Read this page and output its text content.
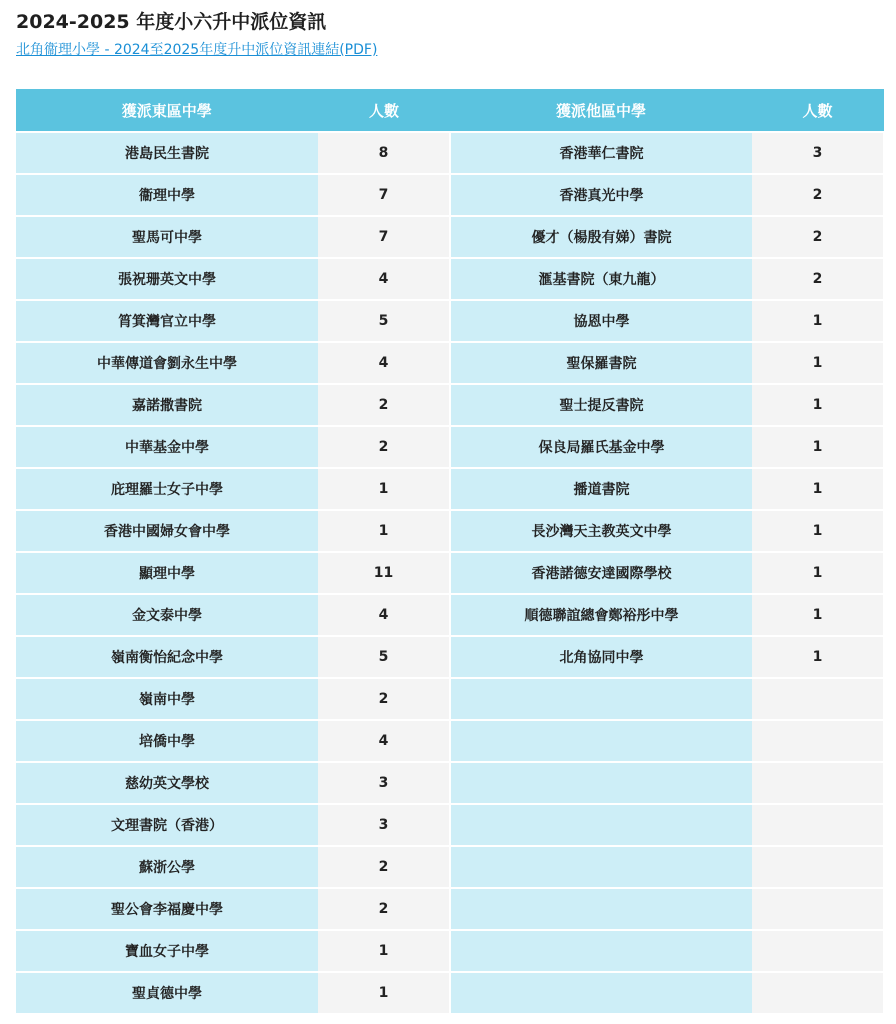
2024-2025 年度小六升中派位資訊
北角衞理小學 - 2024至2025年度升中派位資訊連結(PDF)
獲派東區中學	人數	獲派他區中學	人數
港島民生書院	8	香港華仁書院	3
衞理中學	7	香港真光中學	2
聖馬可中學	7	優才（楊殷有娣）書院	2
張祝珊英文中學	4	滙基書院（東九龍）	2
筲箕灣官立中學	5	協恩中學	1
中華傳道會劉永生中學	4	聖保羅書院	1
嘉諾撒書院	2	聖士提反書院	1
中華基金中學	2	保良局羅氏基金中學	1
庇理羅士女子中學	1	播道書院	1
香港中國婦女會中學	1	長沙灣天主教英文中學	1
顯理中學	11	香港諾德安達國際學校	1
金文泰中學	4	順德聯誼總會鄭裕彤中學	1
嶺南衡怡紀念中學	5	北角協同中學	1
嶺南中學	2		
培僑中學	4		
慈幼英文學校	3		
文理書院（香港）	3		
蘇浙公學	2		
聖公會李福慶中學	2		
寶血女子中學	1		
聖貞德中學	1		
